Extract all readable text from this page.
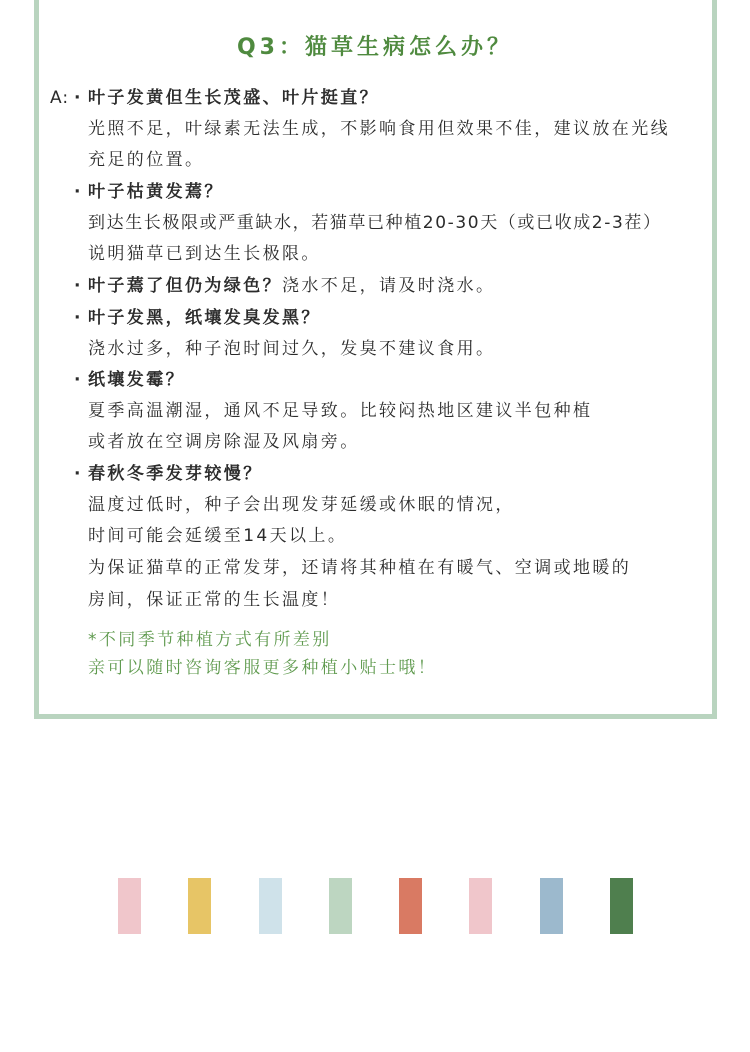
Q3：猫草生病怎么办？
A: · 叶子发黄但生长茂盛、叶片挺直？
光照不足，叶绿素无法生成，不影响食用但效果不佳，建议放在光线
充足的位置。
· 叶子枯黄发蔫？
到达生长极限或严重缺水，若猫草已种植20-30天（或已收成2-3茬）
说明猫草已到达生长极限。
· 叶子蔫了但仍为绿色？浇水不足，请及时浇水。
· 叶子发黑，纸壤发臭发黑？
浇水过多，种子泡时间过久，发臭不建议食用。
· 纸壤发霉？
夏季高温潮湿，通风不足导致。比较闷热地区建议半包种植
或者放在空调房除湿及风扇旁。
· 春秋冬季发芽较慢？
温度过低时，种子会出现发芽延缓或休眠的情况，
时间可能会延缓至14天以上。
为保证猫草的正常发芽，还请将其种植在有暖气、空调或地暖的
房间，保证正常的生长温度！
*不同季节种植方式有所差别
亲可以随时咨询客服更多种植小贴士哦！
